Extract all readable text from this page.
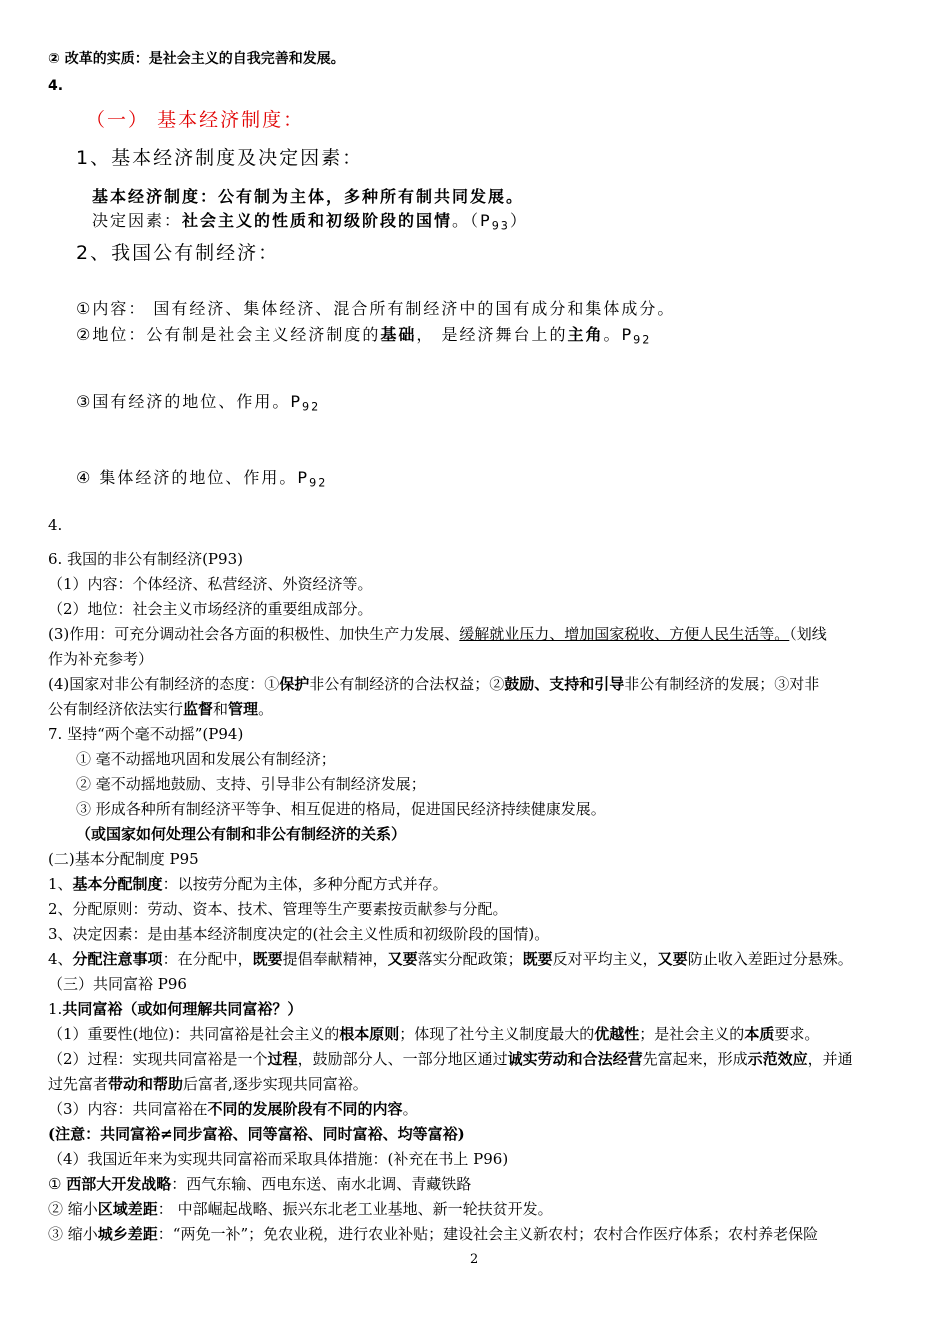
② 改革的实质：是社会主义的自我完善和发展。
4.
（一） 基本经济制度：
1、基本经济制度及决定因素：
基本经济制度：公有制为主体，多种所有制共同发展。
决定因素：社会主义的性质和初级阶段的国情。$(P_{93})$
2、我国公有制经济：
①内容： 国有经济、集体经济、混合所有制经济中的国有成分和集体成分。
②地位：公有制是社会主义经济制度的基础， 是经济舞台上的主角。$P_{92}$
③国有经济的地位、作用。$P_{92}$
④ 集体经济的地位、作用。$P_{92}$
4.
6. 我国的非公有制经济(P93)
（1）内容：个体经济、私营经济、外资经济等。
（2）地位：社会主义市场经济的重要组成部分。
(3)作用：可充分调动社会各方面的积极性、加快生产力发展、缓解就业压力、增加国家税收、方便人民生活等。（划线
作为补充参考）
(4)国家对非公有制经济的态度：①保护非公有制经济的合法权益；②鼓励、支持和引导非公有制经济的发展；③对非
公有制经济依法实行监督和管理。
7. 坚持“两个毫不动摇”(P94)
① 毫不动摇地巩固和发展公有制经济；
② 毫不动摇地鼓励、支持、引导非公有制经济发展；
③ 形成各种所有制经济平等争、相互促进的格局，促进国民经济持续健康发展。
（或国家如何处理公有制和非公有制经济的关系）
(二)基本分配制度 P95
1、基本分配制度：以按劳分配为主体，多种分配方式并存。
2、分配原则：劳动、资本、技术、管理等生产要素按贡献参与分配。
3、决定因素：是由基本经济制度决定的(社会主义性质和初级阶段的国情)。
4、分配注意事项：在分配中，既要提倡奉献精神，又要落实分配政策；既要反对平均主义，又要防止收入差距过分悬殊。
（三）共同富裕 P96
1.共同富裕（或如何理解共同富裕？）
（1）重要性(地位)：共同富裕是社会主义的根本原则；体现了社兮主义制度最大的优越性；是社会主义的本质要求。
（2）过程：实现共同富裕是一个过程，鼓励部分人、一部分地区通过诚实劳动和合法经营先富起来，形成示范效应，并通
过先富者带动和帮助后富者,逐步实现共同富裕。
（3）内容：共同富裕在不同的发展阶段有不同的内容。
(注意：共同富裕≠同步富裕、同等富裕、同时富裕、均等富裕)
（4）我国近年来为实现共同富裕而采取具体措施：(补充在书上 P96)
① 西部大开发战略：西气东输、西电东送、南水北调、青藏铁路
② 缩小区域差距： 中部崛起战略、振兴东北老工业基地、新一轮扶贫开发。
③ 缩小城乡差距：“两免一补”；免农业税，进行农业补贴；建设社会主义新农村；农村合作医疗体系；农村养老保险
2
